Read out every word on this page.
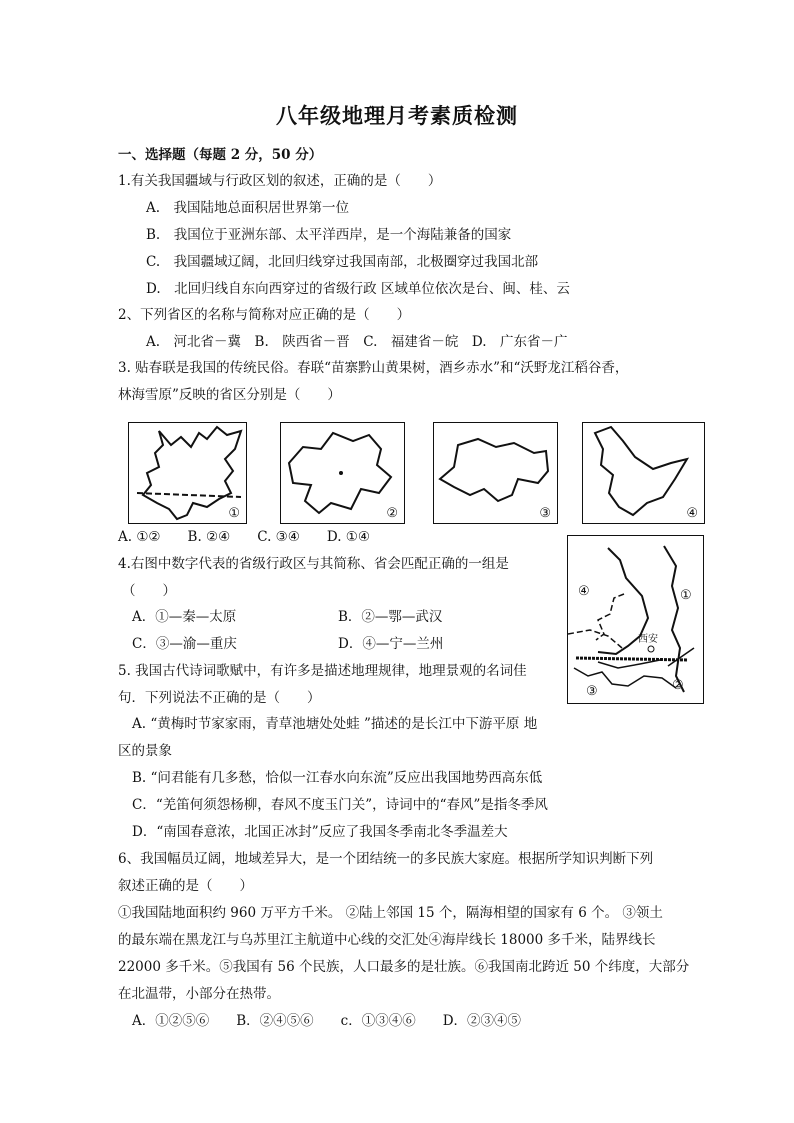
八年级地理月考素质检测
一、选择题（每题 2 分，50 分）
1.有关我国疆域与行政区划的叙述，正确的是（　　）
A.　我国陆地总面积居世界第一位
B.　我国位于亚洲东部、太平洋西岸，是一个海陆兼备的国家
C.　我国疆域辽阔，北回归线穿过我国南部，北极圈穿过我国北部
D.　北回归线自东向西穿过的省级行政 区域单位依次是台、闽、桂、云
2、下列省区的名称与简称对应正确的是（　　）
A.　河北省－冀　B.　陕西省－晋　C.　福建省－皖　D.　广东省－广
3. 贴春联是我国的传统民俗。春联“苗寨黔山黄果树，酒乡赤水”和“沃野龙江稻谷香，
林海雪原”反映的省区分别是（　　）
①	②	③	④
A. ①②　　B. ②④　　C. ③④　　D. ①④
4.右图中数字代表的省级行政区与其简称、省会匹配正确的一组是
（　　）
A．①—秦—太原	B．②—鄂—武汉
C．③—渝—重庆	D．④—宁—兰州
④	①
③	②
西安
5. 我国古代诗词歌赋中，有许多是描述地理规律，地理景观的名词佳
句．下列说法不正确的是（　　）
A. “黄梅时节家家雨，青草池塘处处蛙 ”描述的是长江中下游平原 地
区的景象
B. “问君能有几多愁，恰似一江春水向东流”反应出我国地势西高东低
C．“羌笛何须怨杨柳，春风不度玉门关”，诗词中的“春风”是指冬季风
D．“南国春意浓，北国正冰封”反应了我国冬季南北冬季温差大
6、我国幅员辽阔，地域差异大，是一个团结统一的多民族大家庭。根据所学知识判断下列
叙述正确的是（　　）
①我国陆地面积约 960 万平方千米。 ②陆上邻国 15 个，隔海相望的国家有 6 个。 ③领土
的最东端在黑龙江与乌苏里江主航道中心线的交汇处④海岸线长 18000 多千米，陆界线长
22000 多千米。⑤我国有 56 个民族，人口最多的是壮族。⑥我国南北跨近 50 个纬度，大部分
在北温带，小部分在热带。
A．①②⑤⑥　　B．②④⑤⑥　　c．①③④⑥　　D．②③④⑤
